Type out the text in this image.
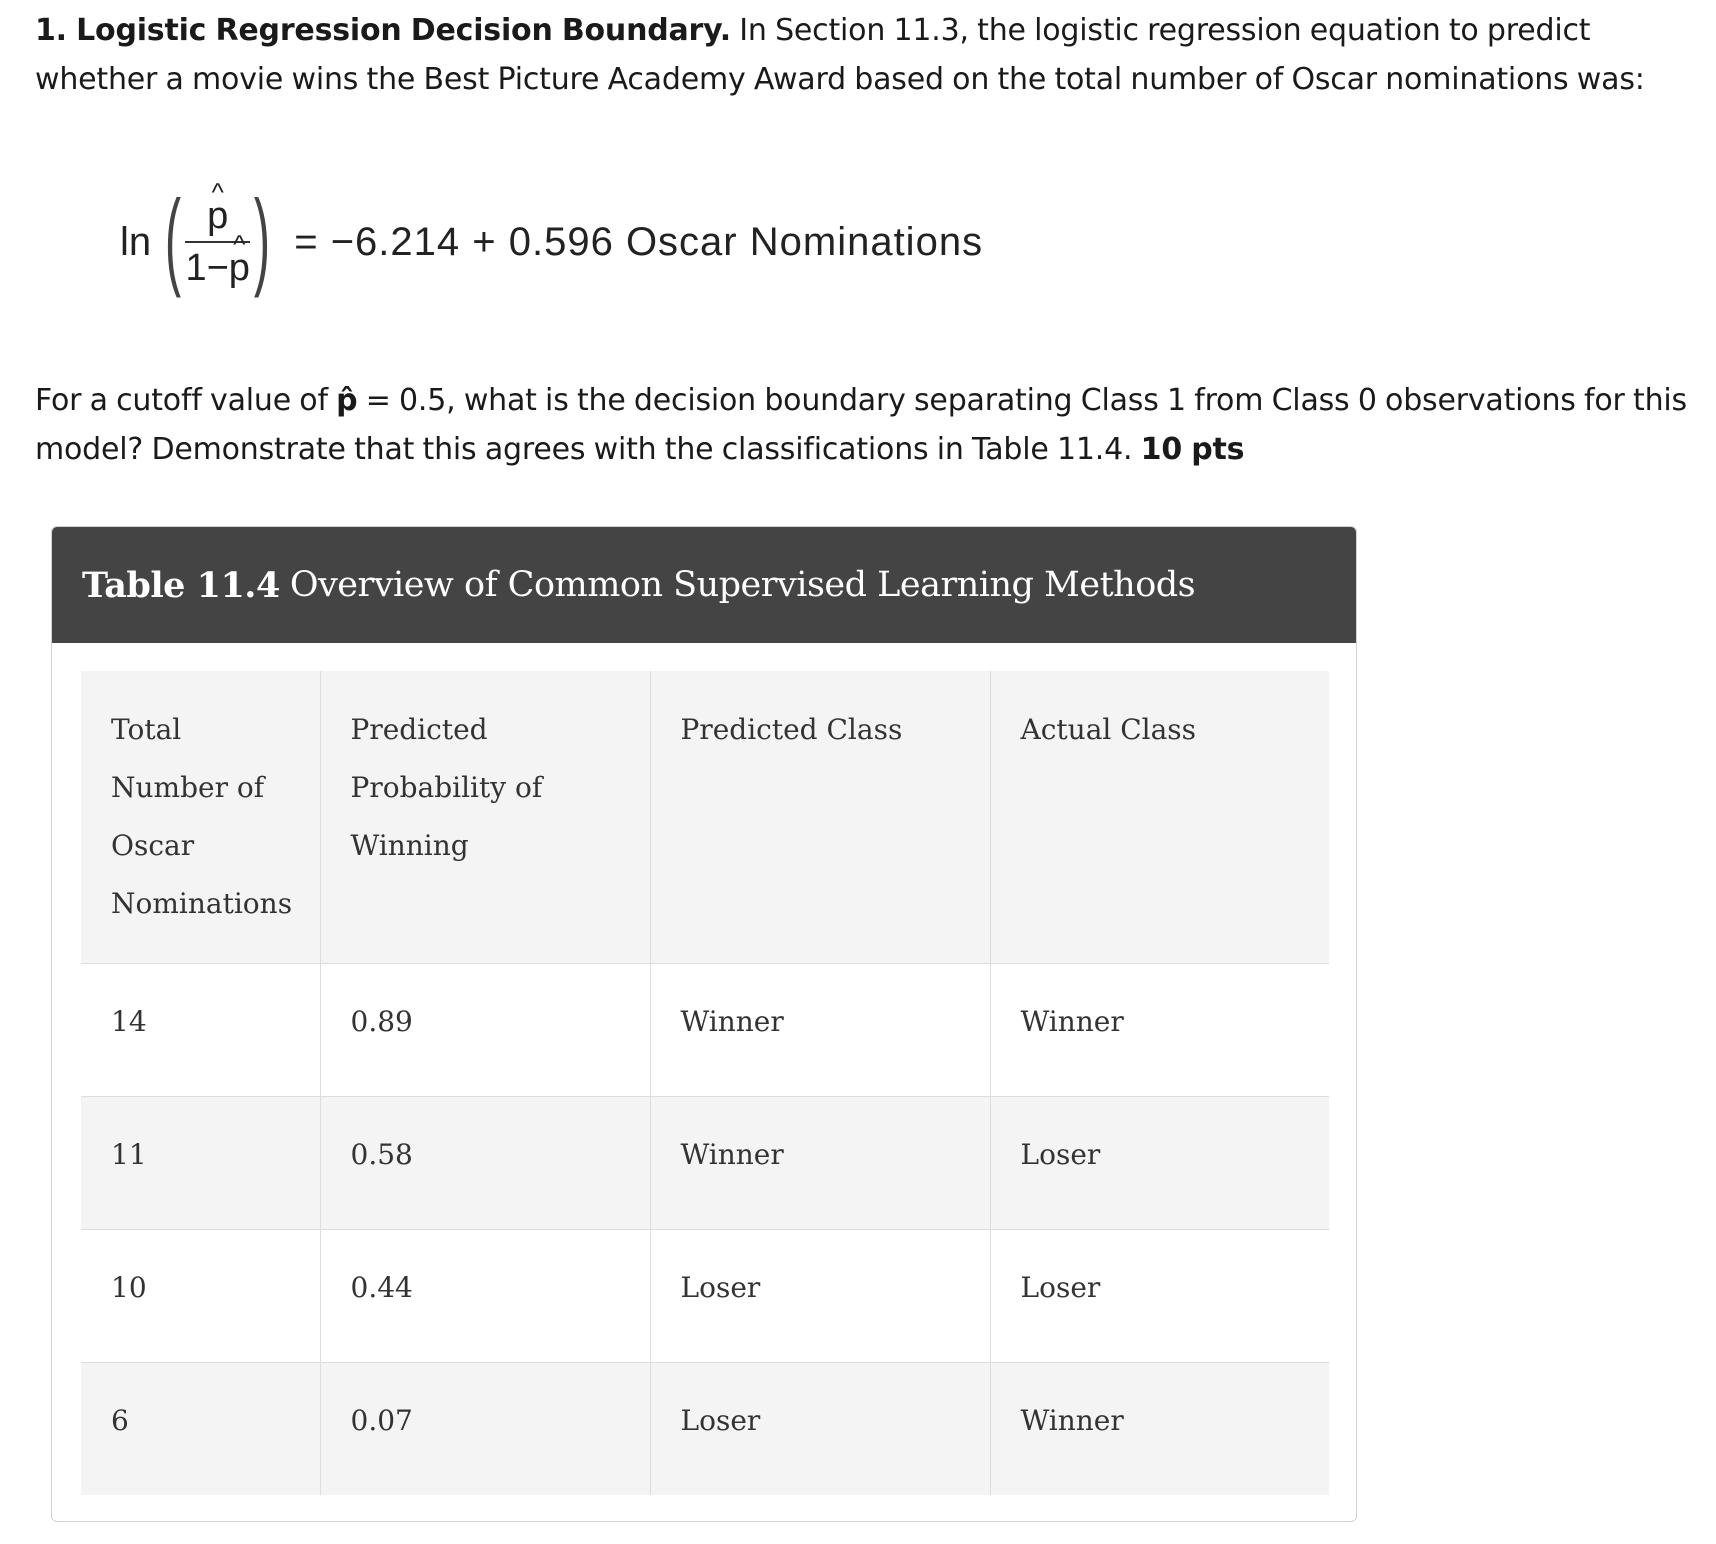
1. Logistic Regression Decision Boundary. In Section 11.3, the logistic regression equation to predict whether a movie wins the Best Picture Academy Award based on the total number of Oscar nominations was:
ln ( ^ $\frac{p}{1-\^{} p}$ ) = −6.214 + 0.596 Oscar Nominations
For a cutoff value of p̂ = 0.5, what is the decision boundary separating Class 1 from Class 0 observations for this model? Demonstrate that this agrees with the classifications in Table 11.4. 10 pts
Table 11.4 Overview of Common Supervised Learning Methods
Total Number of Oscar Nominations	Predicted Probability of Winning	Predicted Class	Actual Class
14	0.89	Winner	Winner
11	0.58	Winner	Loser
10	0.44	Loser	Loser
6	0.07	Loser	Winner
